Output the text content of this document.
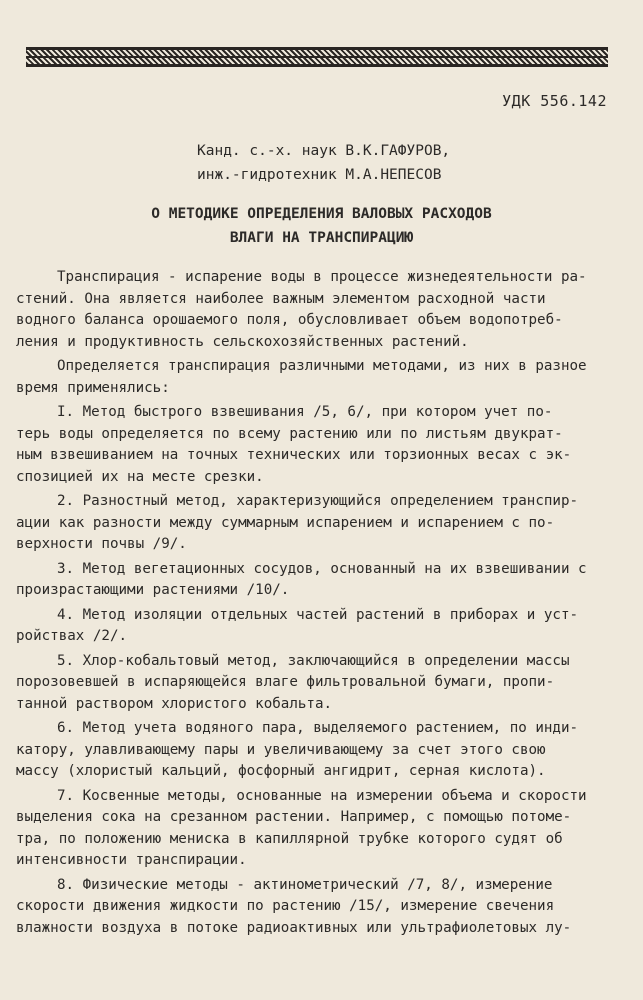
УДК 556.142
Канд. с.-х. наук В.К.ГАФУРОВ,
инж.-гидротехник М.А.НЕПЕСОВ
О МЕТОДИКЕ ОПРЕДЕЛЕНИЯ ВАЛОВЫХ РАСХОДОВ
ВЛАГИ НА ТРАНСПИРАЦИЮ
Транспирация - испарение воды в процессе жизнедеятельности ра-
стений. Она является наиболее важным элементом расходной части
водного баланса орошаемого поля, обусловливает объем водопотреб-
ления и продуктивность сельскохозяйственных растений.
Определяется транспирация различными методами, из них в разное
время применялись:
I. Метод быстрого взвешивания /5, 6/, при котором учет по-
терь воды определяется по всему растению или по листьям двукрат-
ным взвешиванием на точных технических или торзионных весах с эк-
спозицией их на месте срезки.
2. Разностный метод, характеризующийся определением транспир-
ации как разности между суммарным испарением и испарением с по-
верхности почвы /9/.
3. Метод вегетационных сосудов, основанный на их взвешивании с
произрастающими растениями /10/.
4. Метод изоляции отдельных частей растений в приборах и уст-
ройствах /2/.
5. Хлор-кобальтовый метод, заключающийся в определении массы
порозовевшей в испаряющейся влаге фильтровальной бумаги, пропи-
танной раствором хлористого кобальта.
6. Метод учета водяного пара, выделяемого растением, по инди-
катору, улавливающему пары и увеличивающему за счет этого свою
массу (хлористый кальций, фосфорный ангидрит, серная кислота).
7. Косвенные методы, основанные на измерении объема и скорости
выделения сока на срезанном растении. Например, с помощью потоме-
тра, по положению мениска в капиллярной трубке которого судят об
интенсивности транспирации.
8. Физические методы - актинометрический /7, 8/, измерение
скорости движения жидкости по растению /15/, измерение свечения
влажности воздуха в потоке радиоактивных или ультрафиолетовых лу-
